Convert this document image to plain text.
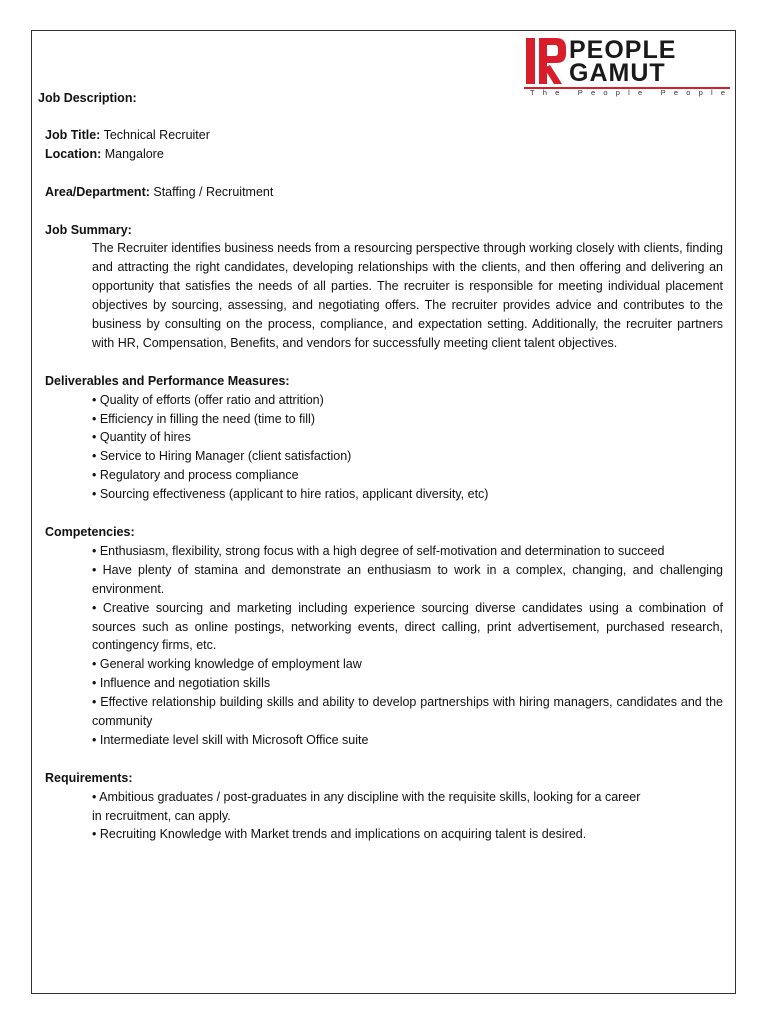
PEOPLE
GAMUT
The People People
Job Description:

Job Title: Technical Recruiter

Location: Mangalore

Area/Department: Staffing / Recruitment

Job Summary:

The Recruiter identifies business needs from a resourcing perspective through working closely with clients, finding and attracting the right candidates, developing relationships with the clients, and then offering and delivering an opportunity that satisfies the needs of all parties. The recruiter is responsible for meeting individual placement objectives by sourcing, assessing, and negotiating offers. The recruiter provides advice and contributes to the business by consulting on the process, compliance, and expectation setting. Additionally, the recruiter partners with HR, Compensation, Benefits, and vendors for successfully meeting client talent objectives.

Deliverables and Performance Measures:

• Quality of efforts (offer ratio and attrition)
• Efficiency in filling the need (time to fill)
• Quantity of hires
• Service to Hiring Manager (client satisfaction)
• Regulatory and process compliance
• Sourcing effectiveness (applicant to hire ratios, applicant diversity, etc)

Competencies:

• Enthusiasm, flexibility, strong focus with a high degree of self-motivation and determination to succeed
• Have plenty of stamina and demonstrate an enthusiasm to work in a complex, changing, and challenging environment.
• Creative sourcing and marketing including experience sourcing diverse candidates using a combination of sources such as online postings, networking events, direct calling, print advertisement, purchased research, contingency firms, etc.
• General working knowledge of employment law
• Influence and negotiation skills
• Effective relationship building skills and ability to develop partnerships with hiring managers, candidates and the community
• Intermediate level skill with Microsoft Office suite

Requirements:

• Ambitious graduates / post-graduates in any discipline with the requisite skills, looking for a career in recruitment, can apply.
• Recruiting Knowledge with Market trends and implications on acquiring talent is desired.
